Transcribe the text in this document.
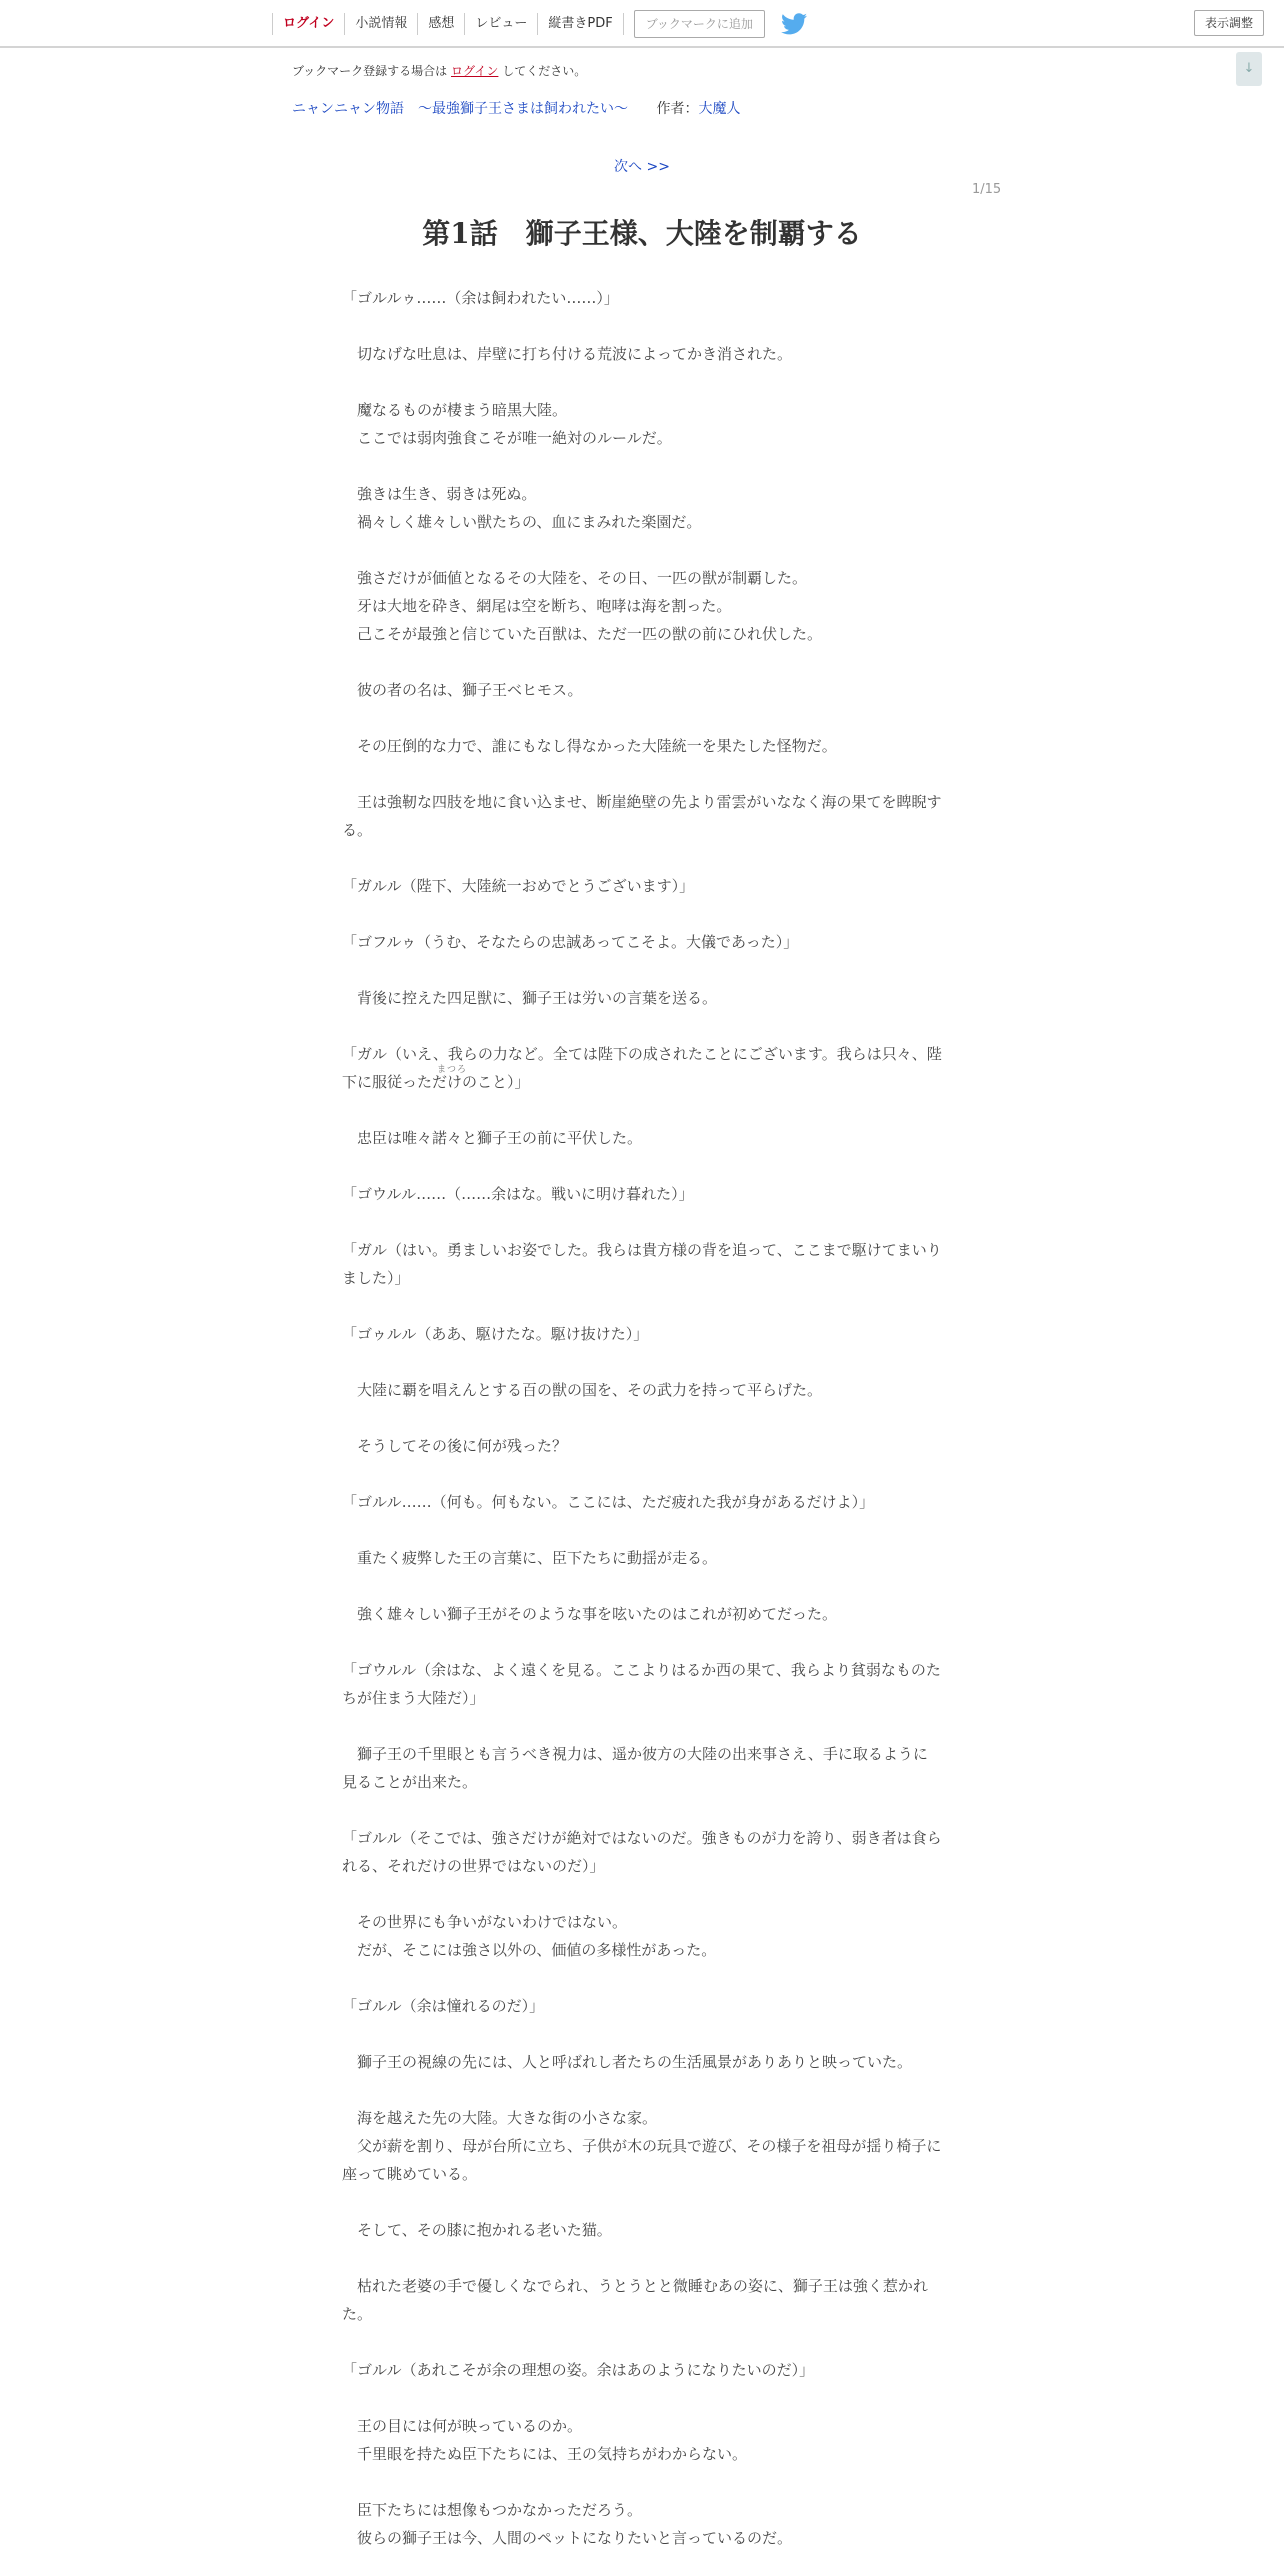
ログイン	小説情報	感想	レビュー	縦書きPDF	ブックマークに追加	表示調整
↓
ブックマーク登録する場合は ログイン してください。
ニャンニャン物語　～最強獅子王さまは飼われたい～ 作者：大魔人
次へ >>
1/15
第1話　獅子王様、大陸を制覇する
まつろ

「ゴルルゥ……（余は飼われたい……）」

　切なげな吐息は、岸壁に打ち付ける荒波によってかき消された。

　魔なるものが棲まう暗黒大陸。

　ここでは弱肉強食こそが唯一絶対のルールだ。

　強きは生き、弱きは死ぬ。

　禍々しく雄々しい獣たちの、血にまみれた楽園だ。

　強さだけが価値となるその大陸を、その日、一匹の獣が制覇した。

　牙は大地を砕き、網尾は空を断ち、咆哮は海を割った。

　己こそが最強と信じていた百獣は、ただ一匹の獣の前にひれ伏した。

　彼の者の名は、獅子王ベヒモス。

　その圧倒的な力で、誰にもなし得なかった大陸統一を果たした怪物だ。

　王は強靭な四肢を地に食い込ませ、断崖絶壁の先より雷雲がいななく海の果てを睥睨する。

「ガルル（陛下、大陸統一おめでとうございます）」

「ゴフルゥ（うむ、そなたらの忠誠あってこそよ。大儀であった）」

　背後に控えた四足獣に、獅子王は労いの言葉を送る。

「ガル（いえ、我らの力など。全ては陛下の成されたことにございます。我らは只々、陛下に服従っただけのこと）」

　忠臣は唯々諾々と獅子王の前に平伏した。

「ゴウルル……（……余はな。戦いに明け暮れた）」

「ガル（はい。勇ましいお姿でした。我らは貴方様の背を追って、ここまで駆けてまいりました）」

「ゴゥルル（ああ、駆けたな。駆け抜けた）」

　大陸に覇を唱えんとする百の獣の国を、その武力を持って平らげた。

　そうしてその後に何が残った？

「ゴルル……（何も。何もない。ここには、ただ疲れた我が身があるだけよ）」

　重たく疲弊した王の言葉に、臣下たちに動揺が走る。

　強く雄々しい獅子王がそのような事を呟いたのはこれが初めてだった。

「ゴウルル（余はな、よく遠くを見る。ここよりはるか西の果て、我らより貧弱なものたちが住まう大陸だ）」

　獅子王の千里眼とも言うべき視力は、遥か彼方の大陸の出来事さえ、手に取るように見ることが出来た。

「ゴルル（そこでは、強さだけが絶対ではないのだ。強きものが力を誇り、弱き者は食られる、それだけの世界ではないのだ）」

　その世界にも争いがないわけではない。

　だが、そこには強さ以外の、価値の多様性があった。

「ゴルル（余は憧れるのだ）」

　獅子王の視線の先には、人と呼ばれし者たちの生活風景がありありと映っていた。

　海を越えた先の大陸。大きな街の小さな家。

　父が薪を割り、母が台所に立ち、子供が木の玩具で遊び、その様子を祖母が揺り椅子に座って眺めている。

　そして、その膝に抱かれる老いた猫。

　枯れた老婆の手で優しくなでられ、うとうとと微睡むあの姿に、獅子王は強く惹かれた。

「ゴルル（あれこそが余の理想の姿。余はあのようになりたいのだ）」

　王の目には何が映っているのか。

　千里眼を持たぬ臣下たちには、王の気持ちがわからない。

　臣下たちには想像もつかなかっただろう。

　彼らの獅子王は今、人間のペットになりたいと言っているのだ。
